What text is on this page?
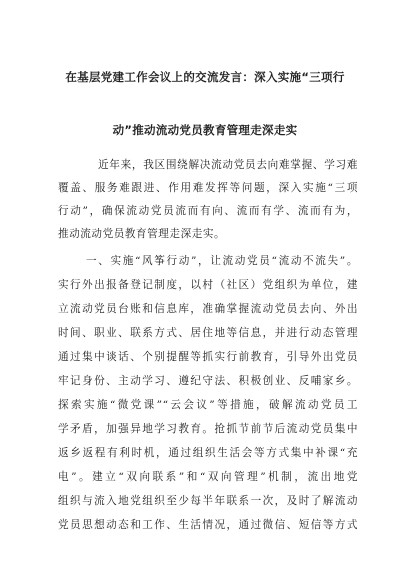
在基层党建工作会议上的交流发言：深入实施“三项行
动”推动流动党员教育管理走深走实
近年来，我区围绕解决流动党员去向难掌握、学习难
覆盖、服务难跟进、作用难发挥等问题，深入实施“三项
行动”，确保流动党员流而有向、流而有学、流而有为，
推动流动党员教育管理走深走实。
一、实施“风筝行动”，让流动党员“流动不流失”。
实行外出报备登记制度，以村（社区）党组织为单位，建
立流动党员台账和信息库，准确掌握流动党员去向、外出
时间、职业、联系方式、居住地等信息，并进行动态管理
通过集中谈话、个别提醒等抓实行前教育，引导外出党员
牢记身份、主动学习、遵纪守法、积极创业、反哺家乡。
探索实施“微党课”“云会议”等措施，破解流动党员工
学矛盾，加强异地学习教育。抢抓节前节后流动党员集中
返乡返程有利时机，通过组织生活会等方式集中补课“充
电”。建立“双向联系”和“双向管理”机制，流出地党
组织与流入地党组织至少每半年联系一次，及时了解流动
党员思想动态和工作、生活情况，通过微信、短信等方式
